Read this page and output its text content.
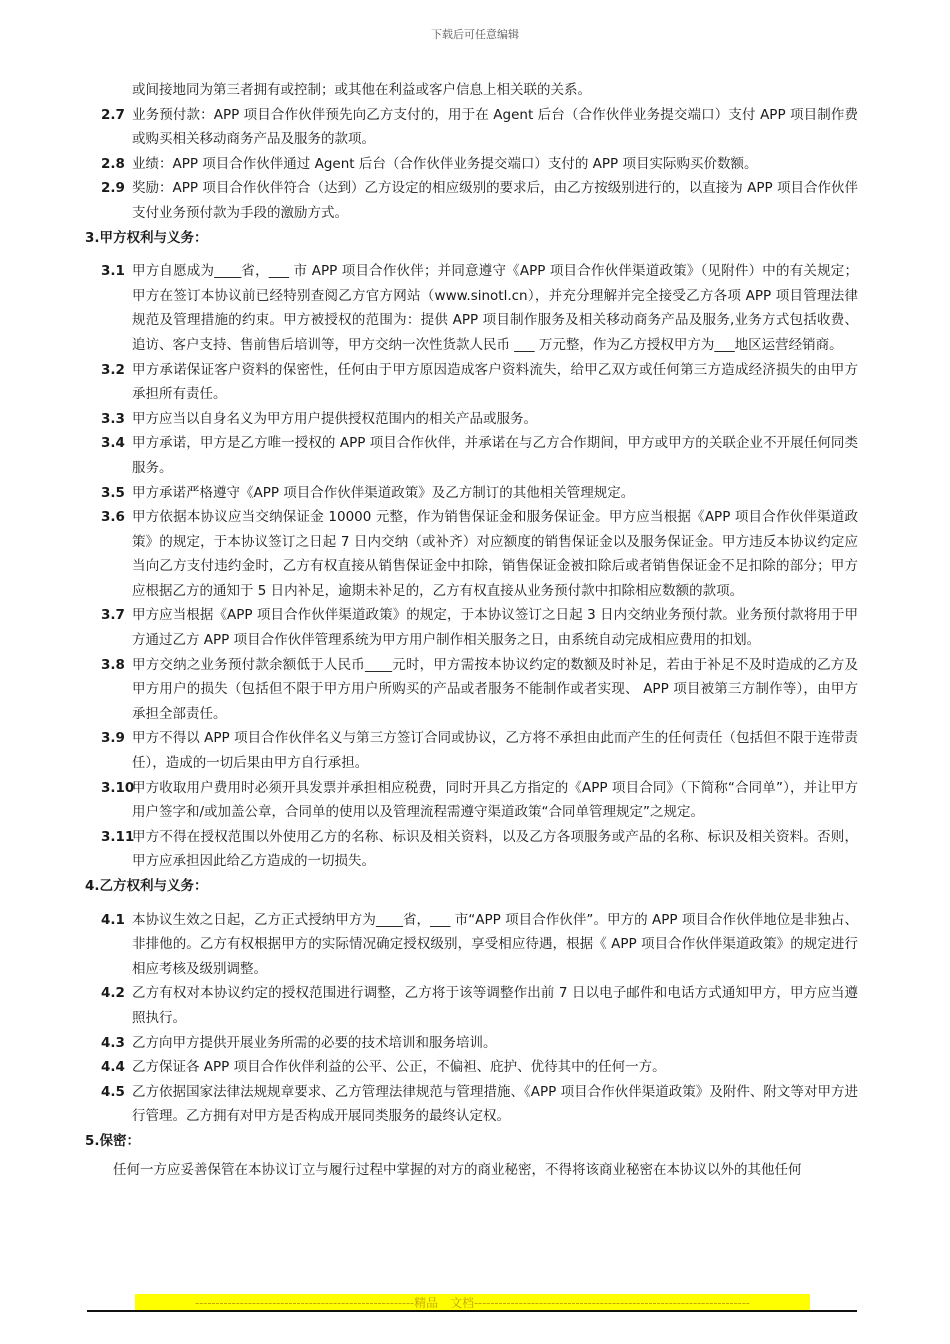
下载后可任意编辑
或间接地同为第三者拥有或控制；或其他在利益或客户信息上相关联的关系。
2.7 业务预付款：APP 项目合作伙伴预先向乙方支付的，用于在 Agent 后台（合作伙伴业务提交端口）支付 APP 项目制作费或购买相关移动商务产品及服务的款项。
2.8 业绩：APP 项目合作伙伴通过 Agent 后台（合作伙伴业务提交端口）支付的 APP 项目实际购买价数额。
2.9 奖励：APP 项目合作伙伴符合（达到）乙方设定的相应级别的要求后，由乙方按级别进行的，以直接为 APP 项目合作伙伴支付业务预付款为手段的激励方式。
3.甲方权利与义务：
3.1 甲方自愿成为____省，___ 市 APP 项目合作伙伴；并同意遵守《APP 项目合作伙伴渠道政策》（见附件）中的有关规定；甲方在签订本协议前已经特别查阅乙方官方网站（www.sinotl.cn），并充分理解并完全接受乙方各项 APP 项目管理法律规范及管理措施的约束。甲方被授权的范围为：提供 APP 项目制作服务及相关移动商务产品及服务,业务方式包括收费、追访、客户支持、售前售后培训等，甲方交纳一次性货款人民币 ___ 万元整，作为乙方授权甲方为___地区运营经销商。
3.2 甲方承诺保证客户资料的保密性，任何由于甲方原因造成客户资料流失，给甲乙双方或任何第三方造成经济损失的由甲方承担所有责任。
3.3 甲方应当以自身名义为甲方用户提供授权范围内的相关产品或服务。
3.4 甲方承诺，甲方是乙方唯一授权的 APP 项目合作伙伴，并承诺在与乙方合作期间，甲方或甲方的关联企业不开展任何同类服务。
3.5 甲方承诺严格遵守《APP 项目合作伙伴渠道政策》及乙方制订的其他相关管理规定。
3.6 甲方依据本协议应当交纳保证金 10000 元整，作为销售保证金和服务保证金。甲方应当根据《APP 项目合作伙伴渠道政策》的规定，于本协议签订之日起 7 日内交纳（或补齐）对应额度的销售保证金以及服务保证金。甲方违反本协议约定应当向乙方支付违约金时，乙方有权直接从销售保证金中扣除，销售保证金被扣除后或者销售保证金不足扣除的部分；甲方应根据乙方的通知于 5 日内补足，逾期未补足的，乙方有权直接从业务预付款中扣除相应数额的款项。
3.7 甲方应当根据《APP 项目合作伙伴渠道政策》的规定，于本协议签订之日起 3 日内交纳业务预付款。业务预付款将用于甲方通过乙方 APP 项目合作伙伴管理系统为甲方用户制作相关服务之日，由系统自动完成相应费用的扣划。
3.8 甲方交纳之业务预付款余额低于人民币____元时，甲方需按本协议约定的数额及时补足，若由于补足不及时造成的乙方及甲方用户的损失（包括但不限于甲方用户所购买的产品或者服务不能制作或者实现、 APP 项目被第三方制作等），由甲方承担全部责任。
3.9 甲方不得以 APP 项目合作伙伴名义与第三方签订合同或协议，乙方将不承担由此而产生的任何责任（包括但不限于连带责任），造成的一切后果由甲方自行承担。
3.10
甲方收取用户费用时必须开具发票并承担相应税费，同时开具乙方指定的《APP 项目合同》（下简称“合同单”），并让甲方用户签字和/或加盖公章，合同单的使用以及管理流程需遵守渠道政策“合同单管理规定”之规定。
3.11
甲方不得在授权范围以外使用乙方的名称、标识及相关资料，以及乙方各项服务或产品的名称、标识及相关资料。否则，甲方应承担因此给乙方造成的一切损失。
4.乙方权利与义务：
4.1 本协议生效之日起，乙方正式授纳甲方为____省，___ 市“APP 项目合作伙伴”。甲方的 APP 项目合作伙伴地位是非独占、非排他的。乙方有权根据甲方的实际情况确定授权级别，享受相应待遇，根据《 APP 项目合作伙伴渠道政策》的规定进行相应考核及级别调整。
4.2 乙方有权对本协议约定的授权范围进行调整，乙方将于该等调整作出前 7 日以电子邮件和电话方式通知甲方，甲方应当遵照执行。
4.3 乙方向甲方提供开展业务所需的必要的技术培训和服务培训。
4.4 乙方保证各 APP 项目合作伙伴利益的公平、公正，不偏袒、庇护、优待其中的任何一方。
4.5 乙方依据国家法律法规规章要求、乙方管理法律规范与管理措施、《APP 项目合作伙伴渠道政策》及附件、附文等对甲方进行管理。乙方拥有对甲方是否构成开展同类服务的最终认定权。
5.保密：
任何一方应妥善保管在本协议订立与履行过程中掌握的对方的商业秘密，不得将该商业秘密在本协议以外的其他任何
------------------------------------------------------精品　文档--------------------------------------------------------------------
